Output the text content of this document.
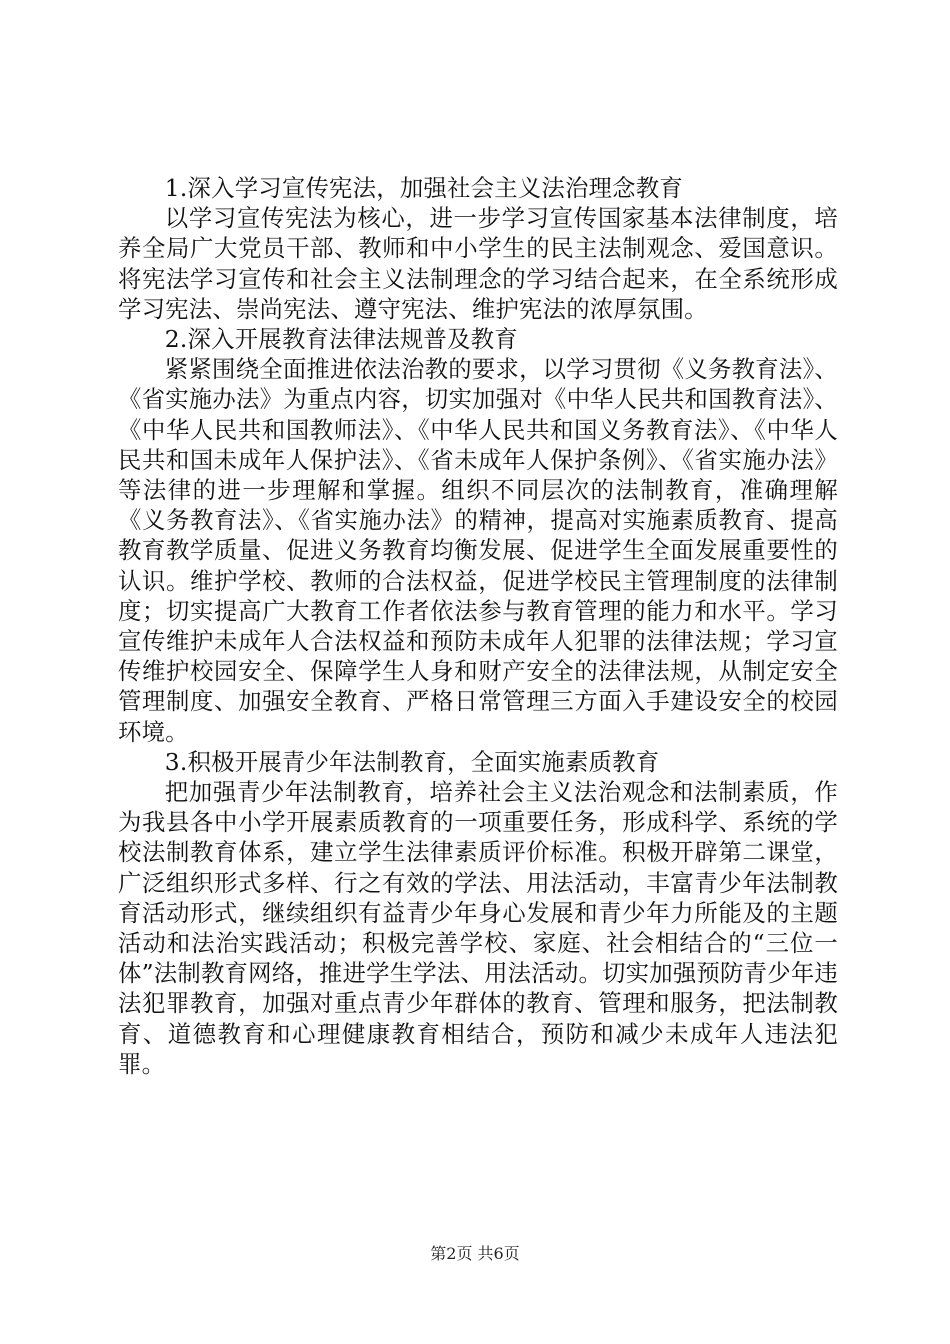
1.深入学习宣传宪法，加强社会主义法治理念教育

以学习宣传宪法为核心，进一步学习宣传国家基本法律制度，培养全局广大党员干部、教师和中小学生的民主法制观念、爱国意识。将宪法学习宣传和社会主义法制理念的学习结合起来，在全系统形成学习宪法、崇尚宪法、遵守宪法、维护宪法的浓厚氛围。

2.深入开展教育法律法规普及教育

紧紧围绕全面推进依法治教的要求，以学习贯彻《义务教育法》、《省实施办法》为重点内容，切实加强对《中华人民共和国教育法》、《中华人民共和国教师法》、《中华人民共和国义务教育法》、《中华人民共和国未成年人保护法》、《省未成年人保护条例》、《省实施办法》等法律的进一步理解和掌握。组织不同层次的法制教育，准确理解《义务教育法》、《省实施办法》的精神，提高对实施素质教育、提高教育教学质量、促进义务教育均衡发展、促进学生全面发展重要性的认识。维护学校、教师的合法权益，促进学校民主管理制度的法律制度；切实提高广大教育工作者依法参与教育管理的能力和水平。学习宣传维护未成年人合法权益和预防未成年人犯罪的法律法规；学习宣传维护校园安全、保障学生人身和财产安全的法律法规，从制定安全管理制度、加强安全教育、严格日常管理三方面入手建设安全的校园环境。

3.积极开展青少年法制教育，全面实施素质教育

把加强青少年法制教育，培养社会主义法治观念和法制素质，作为我县各中小学开展素质教育的一项重要任务，形成科学、系统的学校法制教育体系，建立学生法律素质评价标准。积极开辟第二课堂，广泛组织形式多样、行之有效的学法、用法活动，丰富青少年法制教育活动形式，继续组织有益青少年身心发展和青少年力所能及的主题活动和法治实践活动；积极完善学校、家庭、社会相结合的“三位一体”法制教育网络，推进学生学法、用法活动。切实加强预防青少年违法犯罪教育，加强对重点青少年群体的教育、管理和服务，把法制教育、道德教育和心理健康教育相结合，预防和减少未成年人违法犯罪。

第2页 共6页
